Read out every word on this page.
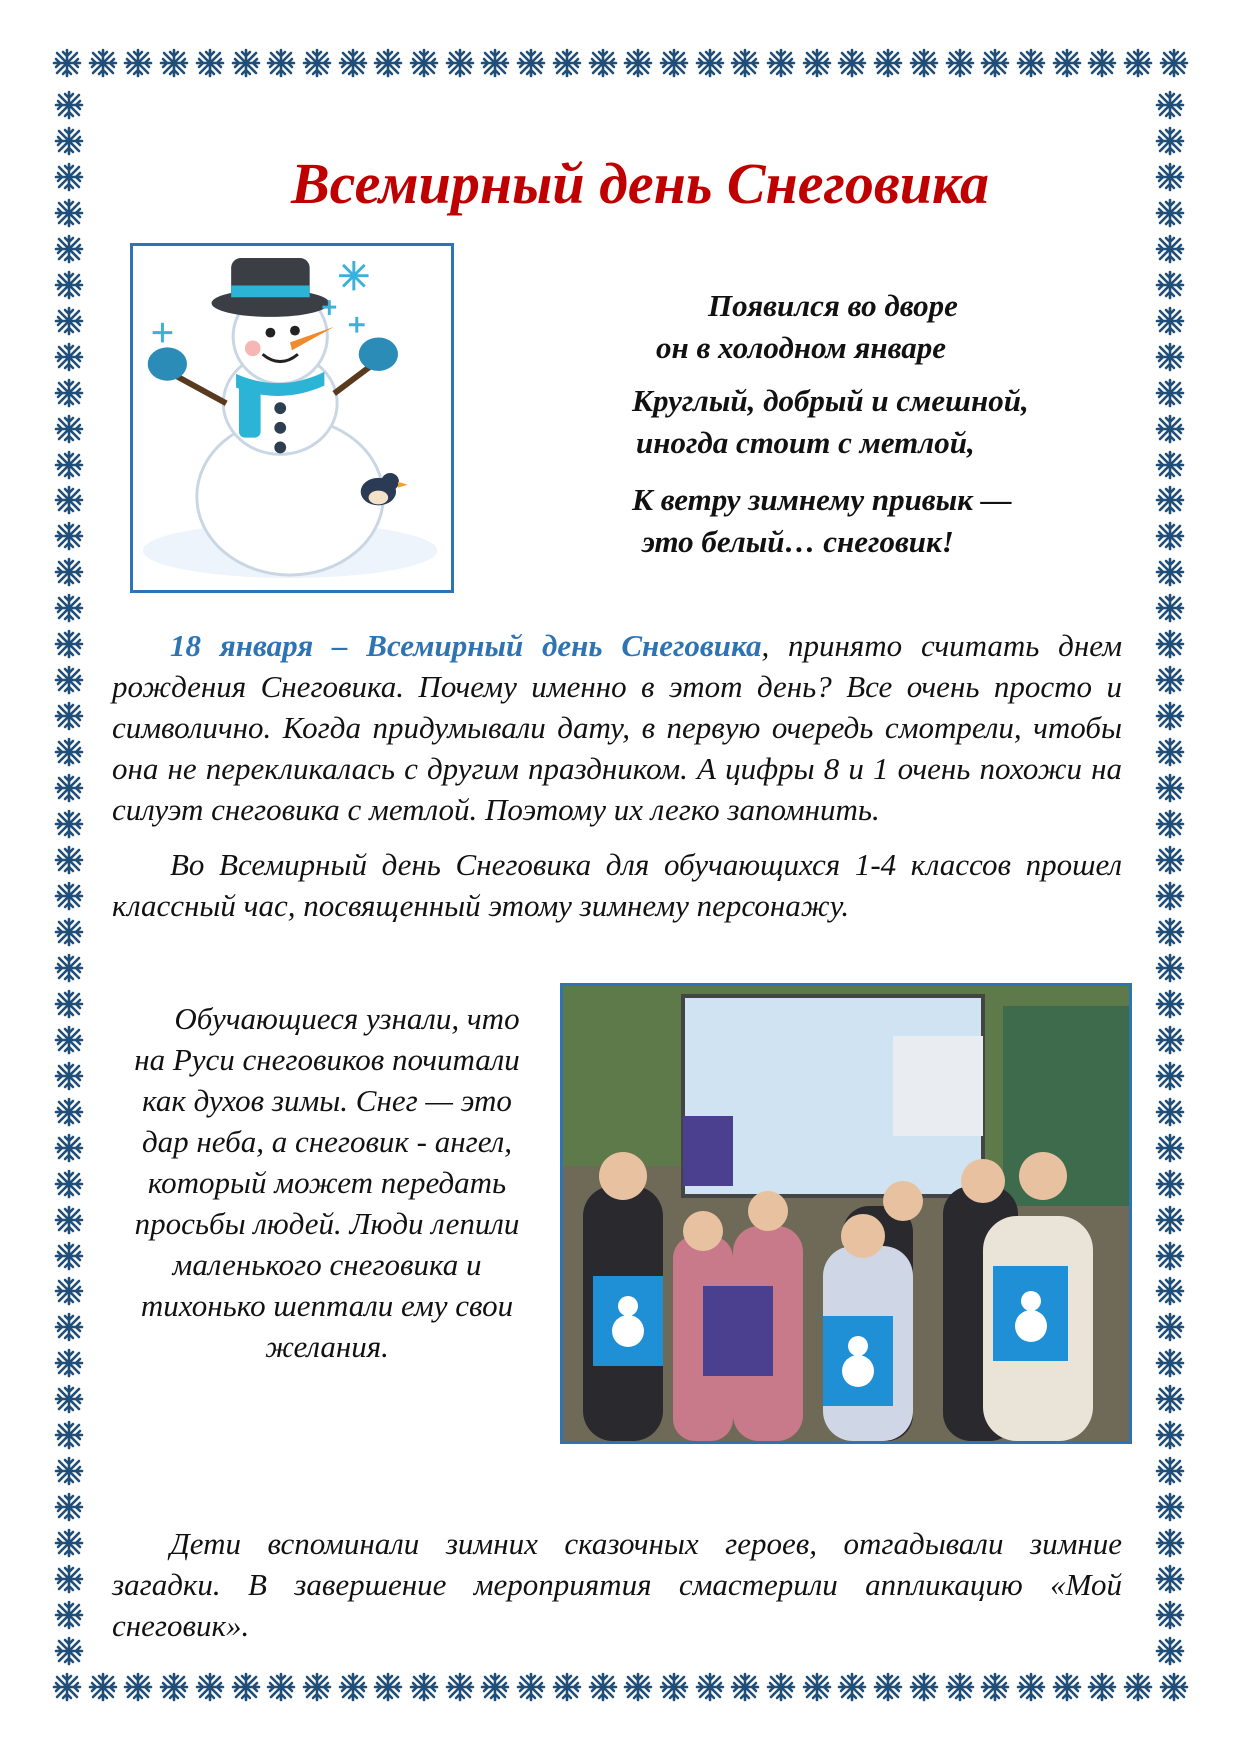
Всемирный день Снеговика

Появился во дворе

он в холодном январе

Круглый, добрый и смешной,

иногда стоит с метлой,

К ветру зимнему привык —

это белый… снеговик!

18 января – Всемирный день Снеговика, принято считать днем рождения Снеговика. Почему именно в этот день? Все очень просто и символично. Когда придумывали дату, в первую очередь смотрели, чтобы она не перекликалась с другим праздником. А цифры 8 и 1 очень похожи на силуэт снеговика с метлой. Поэтому их легко запомнить.

Во Всемирный день Снеговика для обучающихся 1-4 классов прошел классный час, посвященный этому зимнему персонажу.

Обучающиеся узнали, что
на Руси снеговиков почитали
как духов зимы. Снег — это
дар неба, а снеговик - ангел,
который может передать
просьбы людей. Люди лепили
маленького снеговика и
тихонько шептали ему свои
желания.

Дети вспоминали зимних сказочных героев, отгадывали зимние загадки. В завершение мероприятия смастерили аппликацию «Мой снеговик».
